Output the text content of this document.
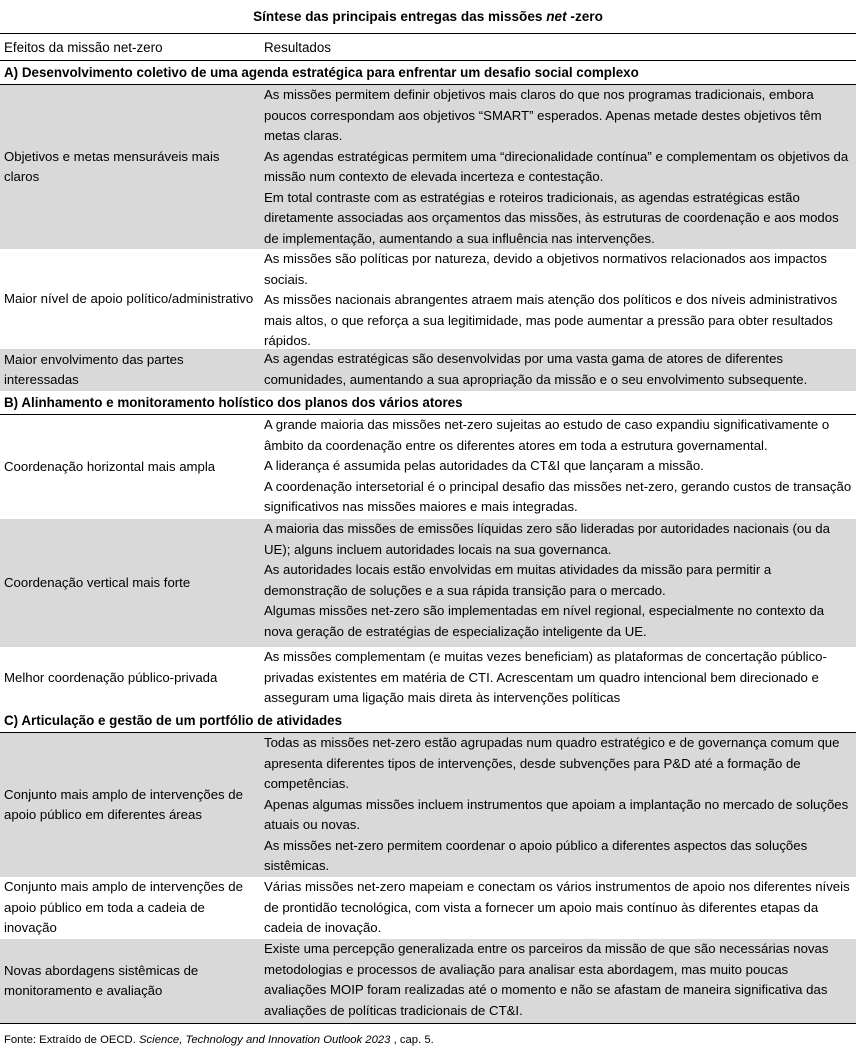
Síntese das principais entregas das missões net -zero
Efeitos da missão net-zero	Resultados
A) Desenvolvimento coletivo de uma agenda estratégica para enfrentar um desafio social complexo
Objetivos e metas mensuráveis mais claros

As missões permitem definir objetivos mais claros do que nos programas tradicionais, embora poucos correspondam aos objetivos “SMART” esperados. Apenas metade destes objetivos têm metas claras.

As agendas estratégicas permitem uma “direcionalidade contínua” e complementam os objetivos da missão num contexto de elevada incerteza e contestação.

Em total contraste com as estratégias e roteiros tradicionais, as agendas estratégicas estão diretamente associadas aos orçamentos das missões, às estruturas de coordenação e aos modos de implementação, aumentando a sua influência nas intervenções.

Maior nível de apoio político/administrativo

As missões são políticas por natureza, devido a objetivos normativos relacionados aos impactos sociais.

As missões nacionais abrangentes atraem mais atenção dos políticos e dos níveis administrativos mais altos, o que reforça a sua legitimidade, mas pode aumentar a pressão para obter resultados rápidos.

Maior envolvimento das partes interessadas

As agendas estratégicas são desenvolvidas por uma vasta gama de atores de diferentes comunidades, aumentando a sua apropriação da missão e o seu envolvimento subsequente.

B) Alinhamento e monitoramento holístico dos planos dos vários atores
Coordenação horizontal mais ampla

A grande maioria das missões net-zero sujeitas ao estudo de caso expandiu significativamente o âmbito da coordenação entre os diferentes atores em toda a estrutura governamental.

A liderança é assumida pelas autoridades da CT&I que lançaram a missão.

A coordenação intersetorial é o principal desafio das missões net-zero, gerando custos de transação significativos nas missões maiores e mais integradas.

Coordenação vertical mais forte

A maioria das missões de emissões líquidas zero são lideradas por autoridades nacionais (ou da UE); alguns incluem autoridades locais na sua governanca.

As autoridades locais estão envolvidas em muitas atividades da missão para permitir a demonstração de soluções e a sua rápida transição para o mercado.

Algumas missões net-zero são implementadas em nível regional, especialmente no contexto da nova geração de estratégias de especialização inteligente da UE.

Melhor coordenação público-privada

As missões complementam (e muitas vezes beneficiam) as plataformas de concertação público-privadas existentes em matéria de CTI. Acrescentam um quadro intencional bem direcionado e asseguram uma ligação mais direta às intervenções políticas

C) Articulação e gestão de um portfólio de atividades
Conjunto mais amplo de intervenções de apoio público em diferentes áreas

Todas as missões net-zero estão agrupadas num quadro estratégico e de governança comum que apresenta diferentes tipos de intervenções, desde subvenções para P&D até a formação de competências.

Apenas algumas missões incluem instrumentos que apoiam a implantação no mercado de soluções atuais ou novas.

As missões net-zero permitem coordenar o apoio público a diferentes aspectos das soluções sistêmicas.

Conjunto mais amplo de intervenções de apoio público em toda a cadeia de inovação

Várias missões net-zero mapeiam e conectam os vários instrumentos de apoio nos diferentes níveis de prontidão tecnológica, com vista a fornecer um apoio mais contínuo às diferentes etapas da cadeia de inovação.

Novas abordagens sistêmicas de monitoramento e avaliação

Existe uma percepção generalizada entre os parceiros da missão de que são necessárias novas metodologias e processos de avaliação para analisar esta abordagem, mas muito poucas avaliações MOIP foram realizadas até o momento e não se afastam de maneira significativa das avaliações de políticas tradicionais de CT&I.

Fonte: Extraído de OECD. Science, Technology and Innovation Outlook 2023 , cap. 5.
